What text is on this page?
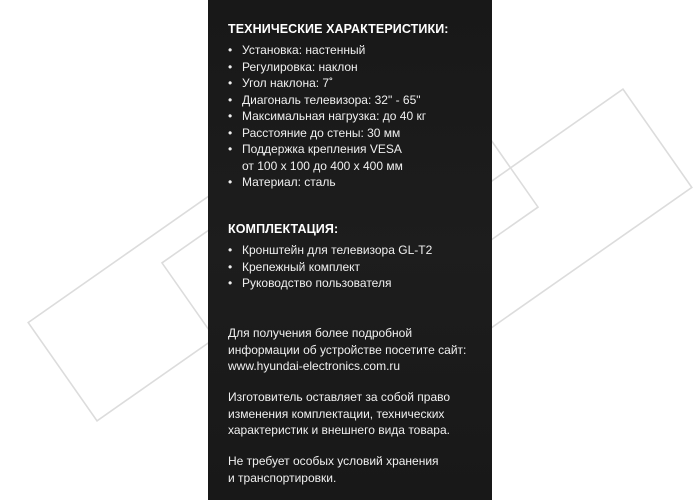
ТЕХНИЧЕСКИЕ ХАРАКТЕРИСТИКИ:
• Установка: настенный
• Регулировка: наклон
• Угол наклона: 7˚
• Диагональ телевизора: 32" - 65"
• Максимальная нагрузка: до 40 кг
• Расстояние до стены: 30 мм
• Поддержка крепления VESA
от 100 х 100 до 400 х 400 мм
• Материал: сталь
КОМПЛЕКТАЦИЯ:
• Кронштейн для телевизора GL-T2
• Крепежный комплект
• Руководство пользователя
Для получения более подробной
информации об устройстве посетите сайт:
www.hyundai-electronics.com.ru
Изготовитель оставляет за собой право
изменения комплектации, технических
характеристик и внешнего вида товара.
Не требует особых условий хранения
и транспортировки.
